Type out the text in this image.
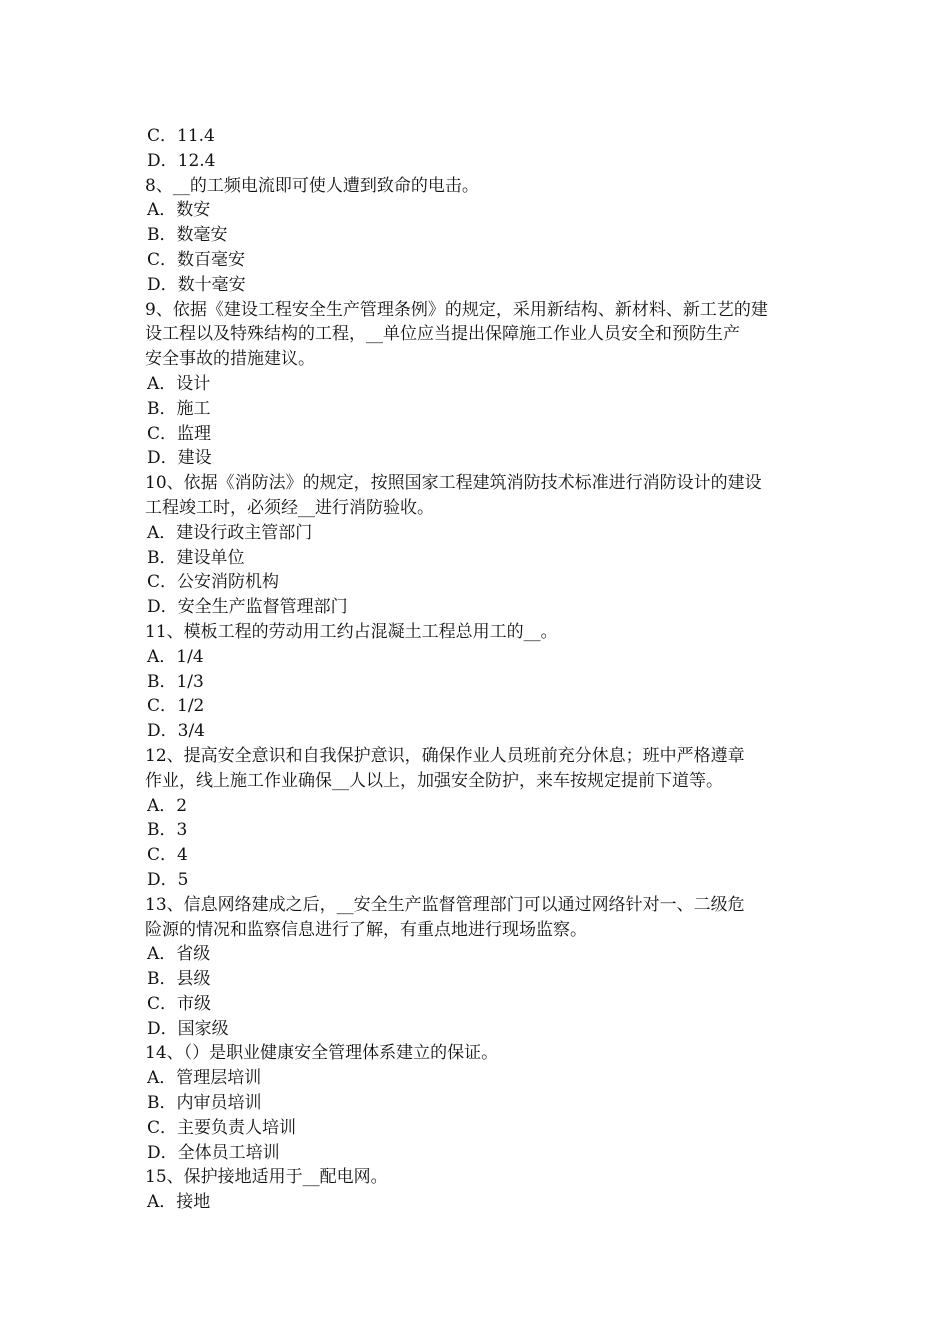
C．11.4
D．12.4
8、__的工频电流即可使人遭到致命的电击。
A．数安
B．数毫安
C．数百毫安
D．数十毫安
9、依据《建设工程安全生产管理条例》的规定，采用新结构、新材料、新工艺的建
设工程以及特殊结构的工程，__单位应当提出保障施工作业人员安全和预防生产
安全事故的措施建议。
A．设计
B．施工
C．监理
D．建设
10、依据《消防法》的规定，按照国家工程建筑消防技术标准进行消防设计的建设
工程竣工时，必须经__进行消防验收。
A．建设行政主管部门
B．建设单位
C．公安消防机构
D．安全生产监督管理部门
11、模板工程的劳动用工约占混凝土工程总用工的__。
A．1/4
B．1/3
C．1/2
D．3/4
12、提高安全意识和自我保护意识，确保作业人员班前充分休息；班中严格遵章
作业，线上施工作业确保__人以上，加强安全防护，来车按规定提前下道等。
A．2
B．3
C．4
D．5
13、信息网络建成之后，__安全生产监督管理部门可以通过网络针对一、二级危
险源的情况和监察信息进行了解，有重点地进行现场监察。
A．省级
B．县级
C．市级
D．国家级
14、（）是职业健康安全管理体系建立的保证。
A．管理层培训
B．内审员培训
C．主要负责人培训
D．全体员工培训
15、保护接地适用于__配电网。
A．接地
